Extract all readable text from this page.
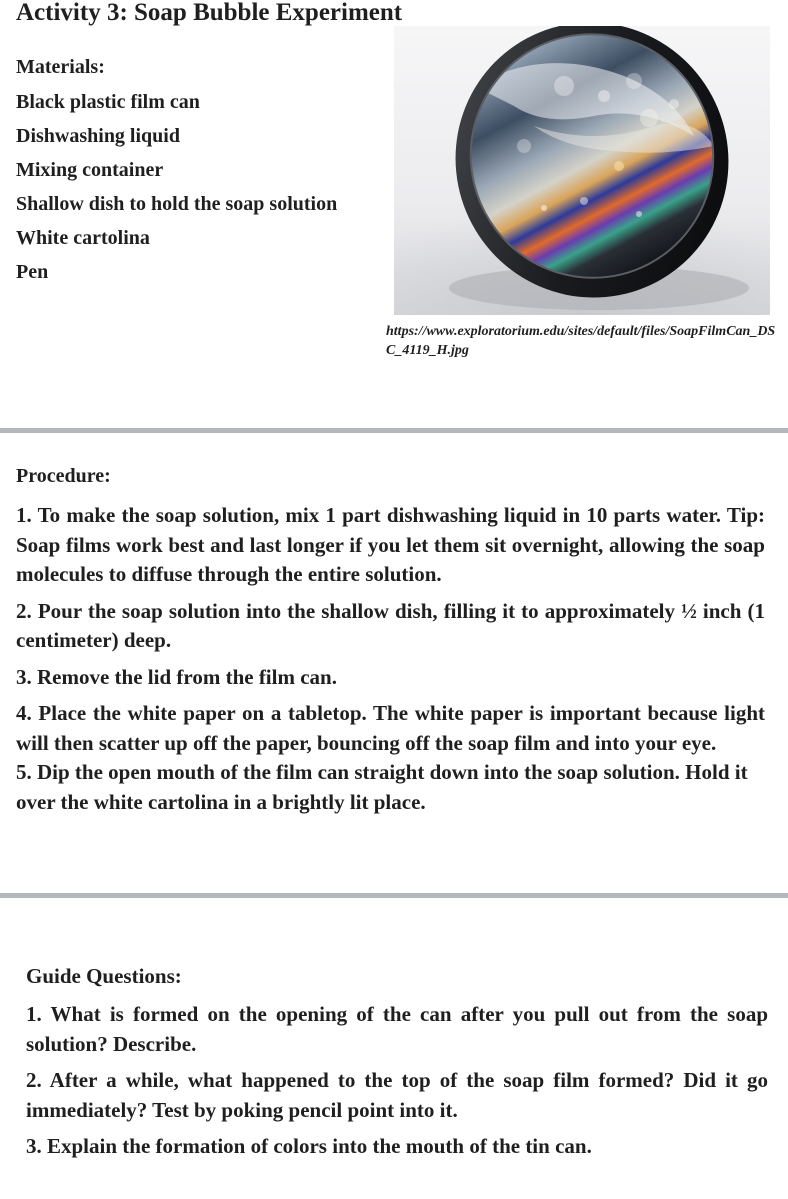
Activity 3: Soap Bubble Experiment
Materials:
Black plastic film can
Dishwashing liquid
Mixing container
Shallow dish to hold the soap solution
White cartolina
Pen
https://www.exploratorium.edu/sites/default/files/SoapFilmCan_DSC_4119_H.jpg
Procedure:

1. To make the soap solution, mix 1 part dishwashing liquid in 10 parts water. Tip: Soap films work best and last longer if you let them sit overnight, allowing the soap molecules to diffuse through the entire solution.

2. Pour the soap solution into the shallow dish, filling it to approximately ½ inch (1 centimeter) deep.

3. Remove the lid from the film can.

4. Place the white paper on a tabletop. The white paper is important because light will then scatter up off the paper, bouncing off the soap film and into your eye.

5. Dip the open mouth of the film can straight down into the soap solution. Hold it over the white cartolina in a brightly lit place.

Guide Questions:

1. What is formed on the opening of the can after you pull out from the soap solution? Describe.

2. After a while, what happened to the top of the soap film formed? Did it go immediately? Test by poking pencil point into it.

3. Explain the formation of colors into the mouth of the tin can.
